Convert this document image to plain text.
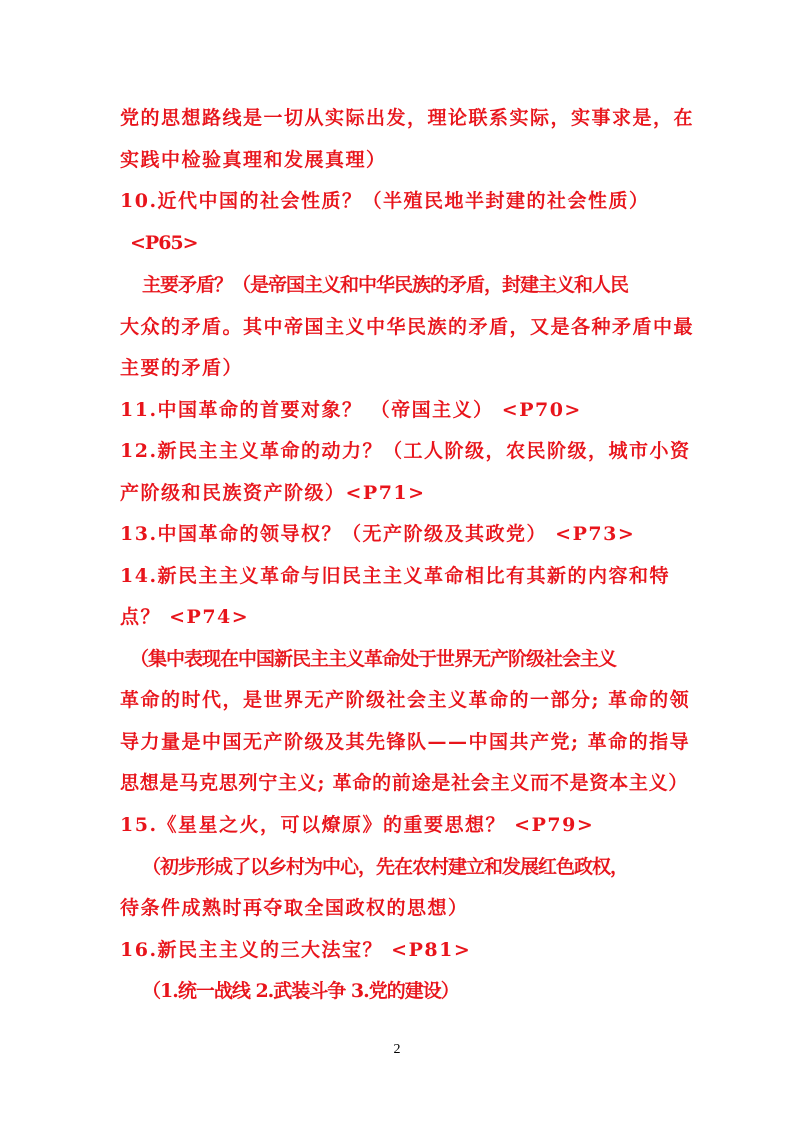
党的思想路线是一切从实际出发，理论联系实际，实事求是，在
实践中检验真理和发展真理）
10.近代中国的社会性质？（半殖民地半封建的社会性质）
<P65>
主要矛盾？（是帝国主义和中华民族的矛盾，封建主义和人民
大众的矛盾。其中帝国主义中华民族的矛盾，又是各种矛盾中最
主要的矛盾）
11.中国革命的首要对象？ （帝国主义） <P70>
12.新民主主义革命的动力？（工人阶级，农民阶级，城市小资
产阶级和民族资产阶级）<P71>
13.中国革命的领导权？（无产阶级及其政党） <P73>
14.新民主主义革命与旧民主主义革命相比有其新的内容和特
点？ <P74>
（集中表现在中国新民主主义革命处于世界无产阶级社会主义
革命的时代，是世界无产阶级社会主义革命的一部分; 革命的领
导力量是中国无产阶级及其先锋队——中国共产党; 革命的指导
思想是马克思列宁主义; 革命的前途是社会主义而不是资本主义）
15.《星星之火，可以燎原》的重要思想？ <P79>
（初步形成了以乡村为中心，先在农村建立和发展红色政权，
待条件成熟时再夺取全国政权的思想）
16.新民主主义的三大法宝？ <P81>
（1.统一战线 2.武装斗争 3.党的建设）
2
